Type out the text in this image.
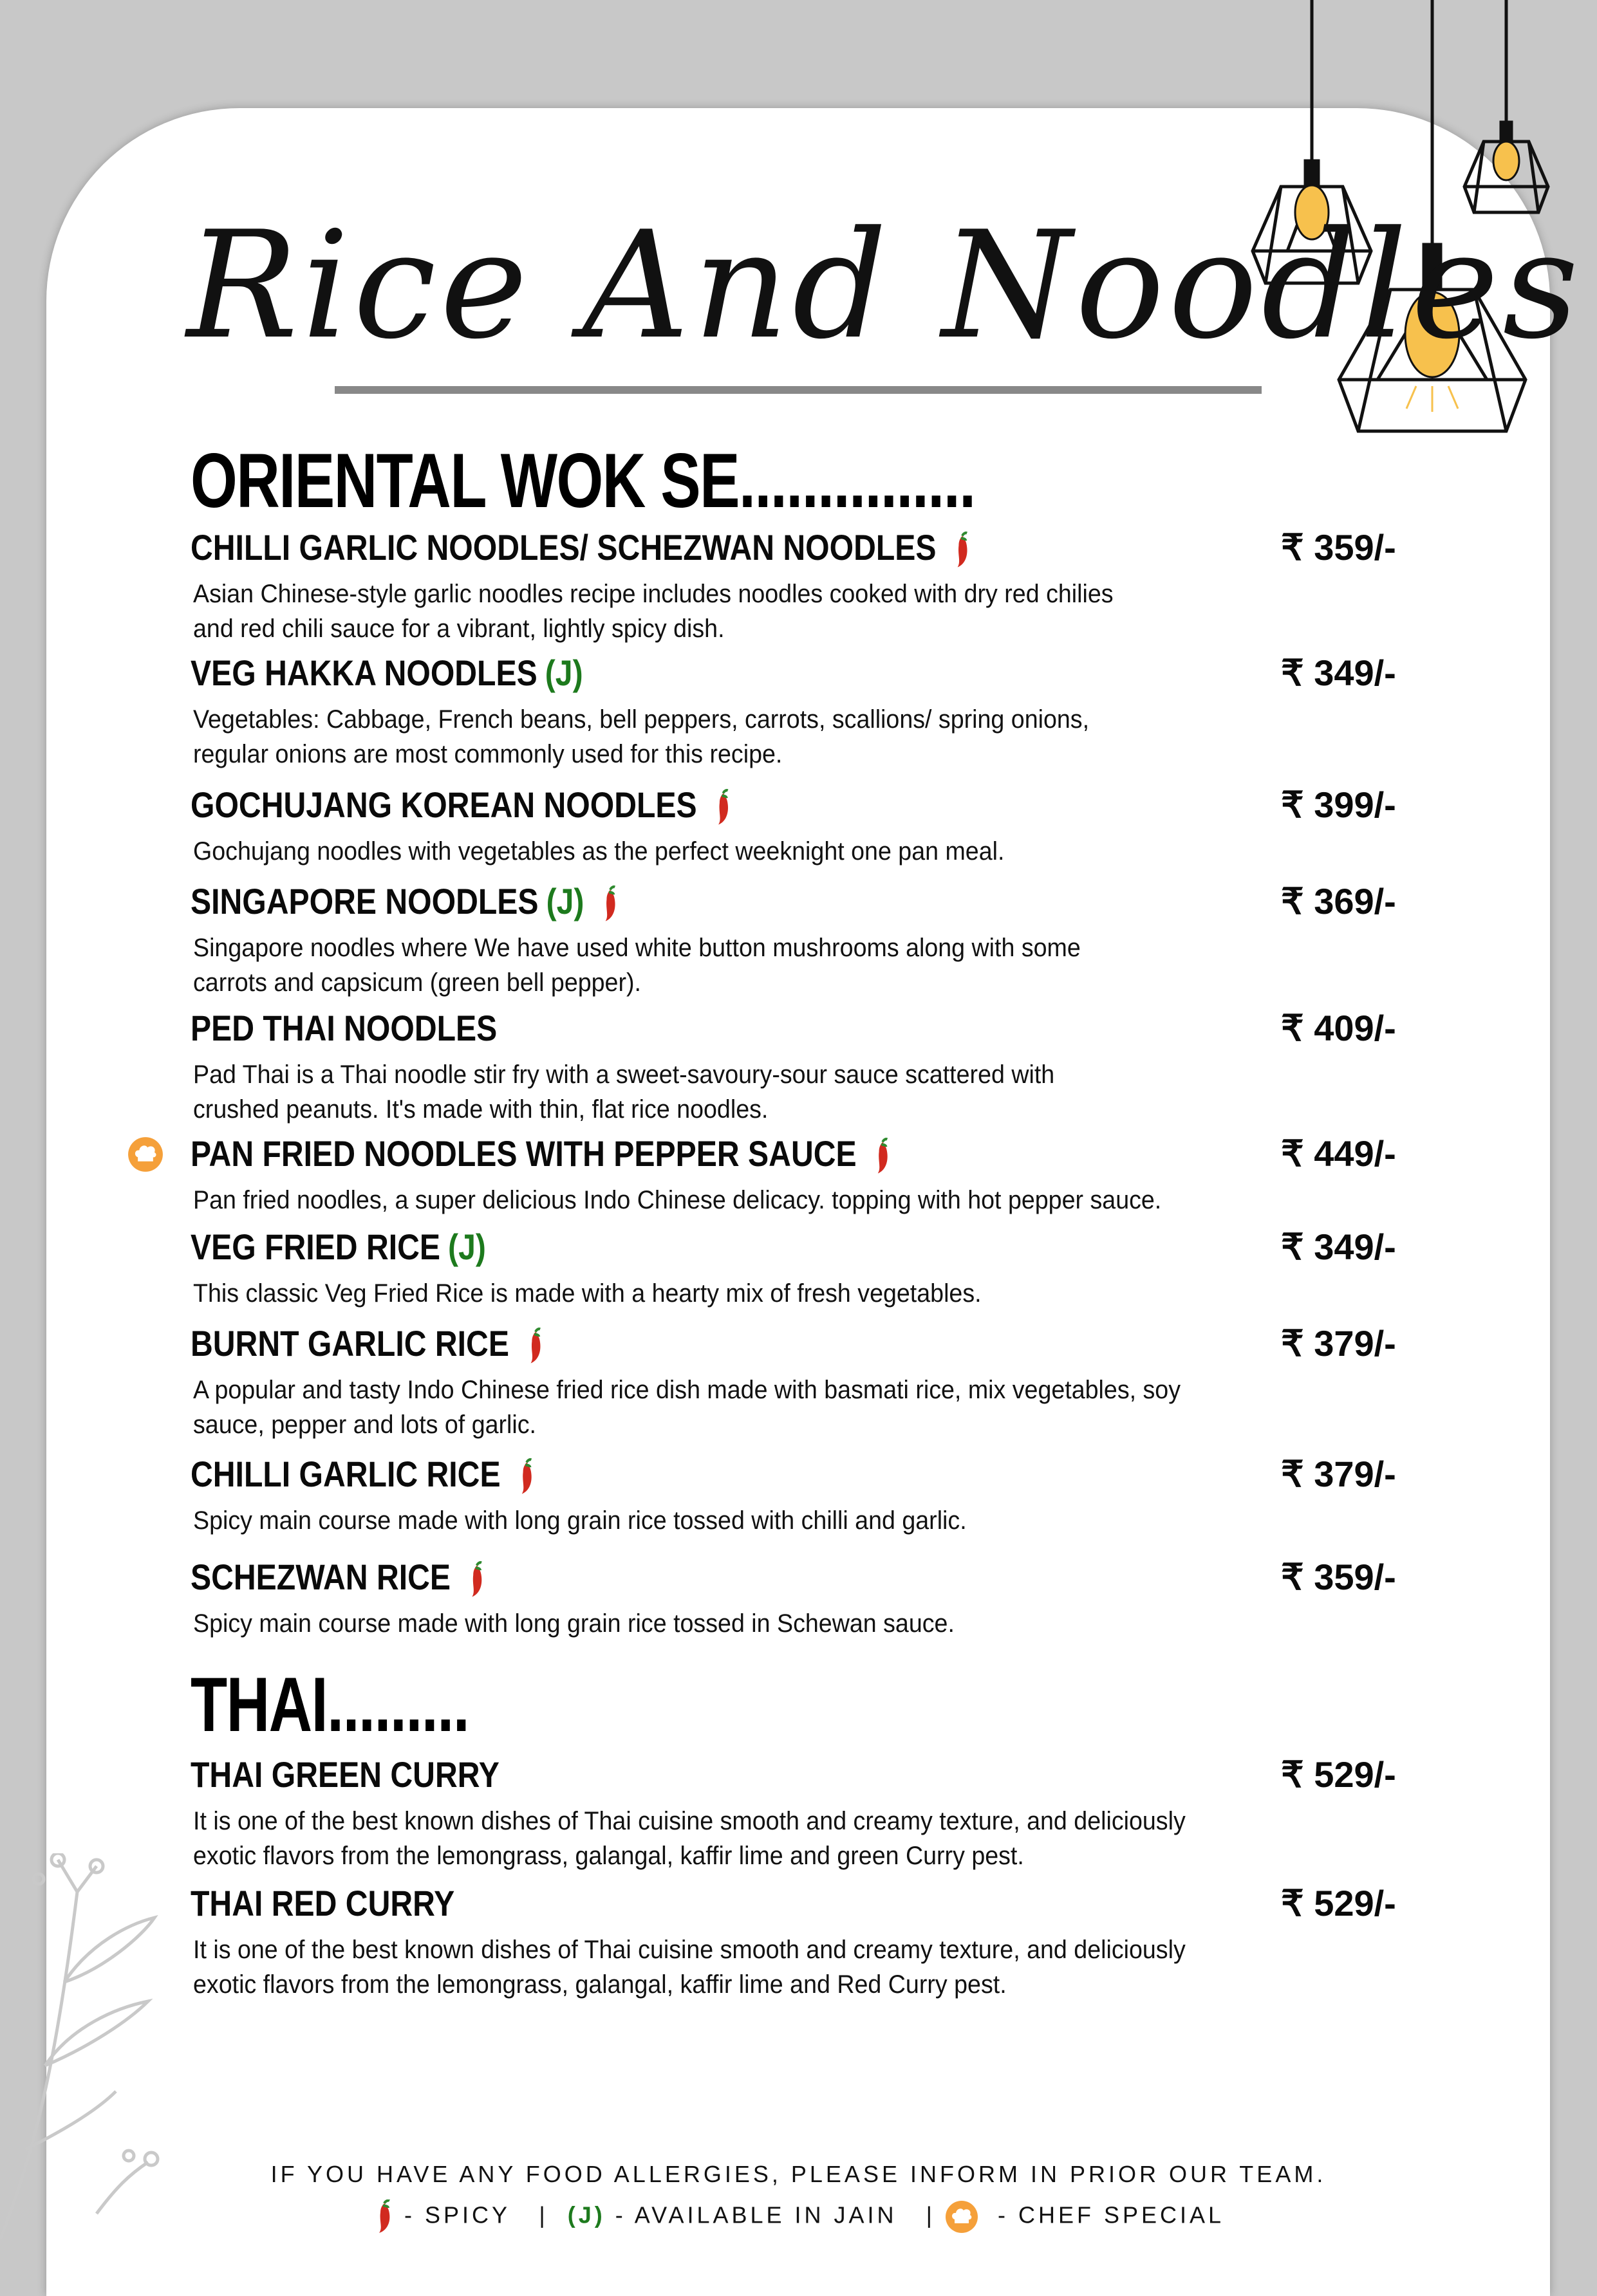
Rice And Noodles
ORIENTAL WOK SE...............
CHILLI GARLIC NOODLES/ SCHEZWAN NOODLES	₹ 359/-
Asian Chinese-style garlic noodles recipe includes noodles cooked with dry red chilies
and red chili sauce for a vibrant, lightly spicy dish.
VEG HAKKA NOODLES (J)	₹ 349/-
Vegetables: Cabbage, French beans, bell peppers, carrots, scallions/ spring onions,
regular onions are most commonly used for this recipe.
GOCHUJANG KOREAN NOODLES	₹ 399/-
Gochujang noodles with vegetables as the perfect weeknight one pan meal.
SINGAPORE NOODLES (J)	₹ 369/-
Singapore noodles where We have used white button mushrooms along with some
carrots and capsicum (green bell pepper).
PED THAI NOODLES	₹ 409/-
Pad Thai is a Thai noodle stir fry with a sweet-savoury-sour sauce scattered with
crushed peanuts. It's made with thin, flat rice noodles.
PAN FRIED NOODLES WITH PEPPER SAUCE	₹ 449/-
Pan fried noodles, a super delicious Indo Chinese delicacy. topping with hot pepper sauce.
VEG FRIED RICE (J)	₹ 349/-
This classic Veg Fried Rice is made with a hearty mix of fresh vegetables.
BURNT GARLIC RICE	₹ 379/-
A popular and tasty Indo Chinese fried rice dish made with basmati rice, mix vegetables, soy
sauce, pepper and lots of garlic.
CHILLI GARLIC RICE	₹ 379/-
Spicy main course made with long grain rice tossed with chilli and garlic.
SCHEZWAN RICE	₹ 359/-
Spicy main course made with long grain rice tossed in Schewan sauce.
THAI.........
THAI GREEN CURRY	₹ 529/-
It is one of the best known dishes of Thai cuisine smooth and creamy texture, and deliciously
exotic flavors from the lemongrass, galangal, kaffir lime and green Curry pest.
THAI RED CURRY	₹ 529/-
It is one of the best known dishes of Thai cuisine smooth and creamy texture, and deliciously
exotic flavors from the lemongrass, galangal, kaffir lime and Red Curry pest.
IF YOU HAVE ANY FOOD ALLERGIES, PLEASE INFORM IN PRIOR OUR TEAM.
- SPICY | (J) - AVAILABLE IN JAIN |	- CHEF SPECIAL
